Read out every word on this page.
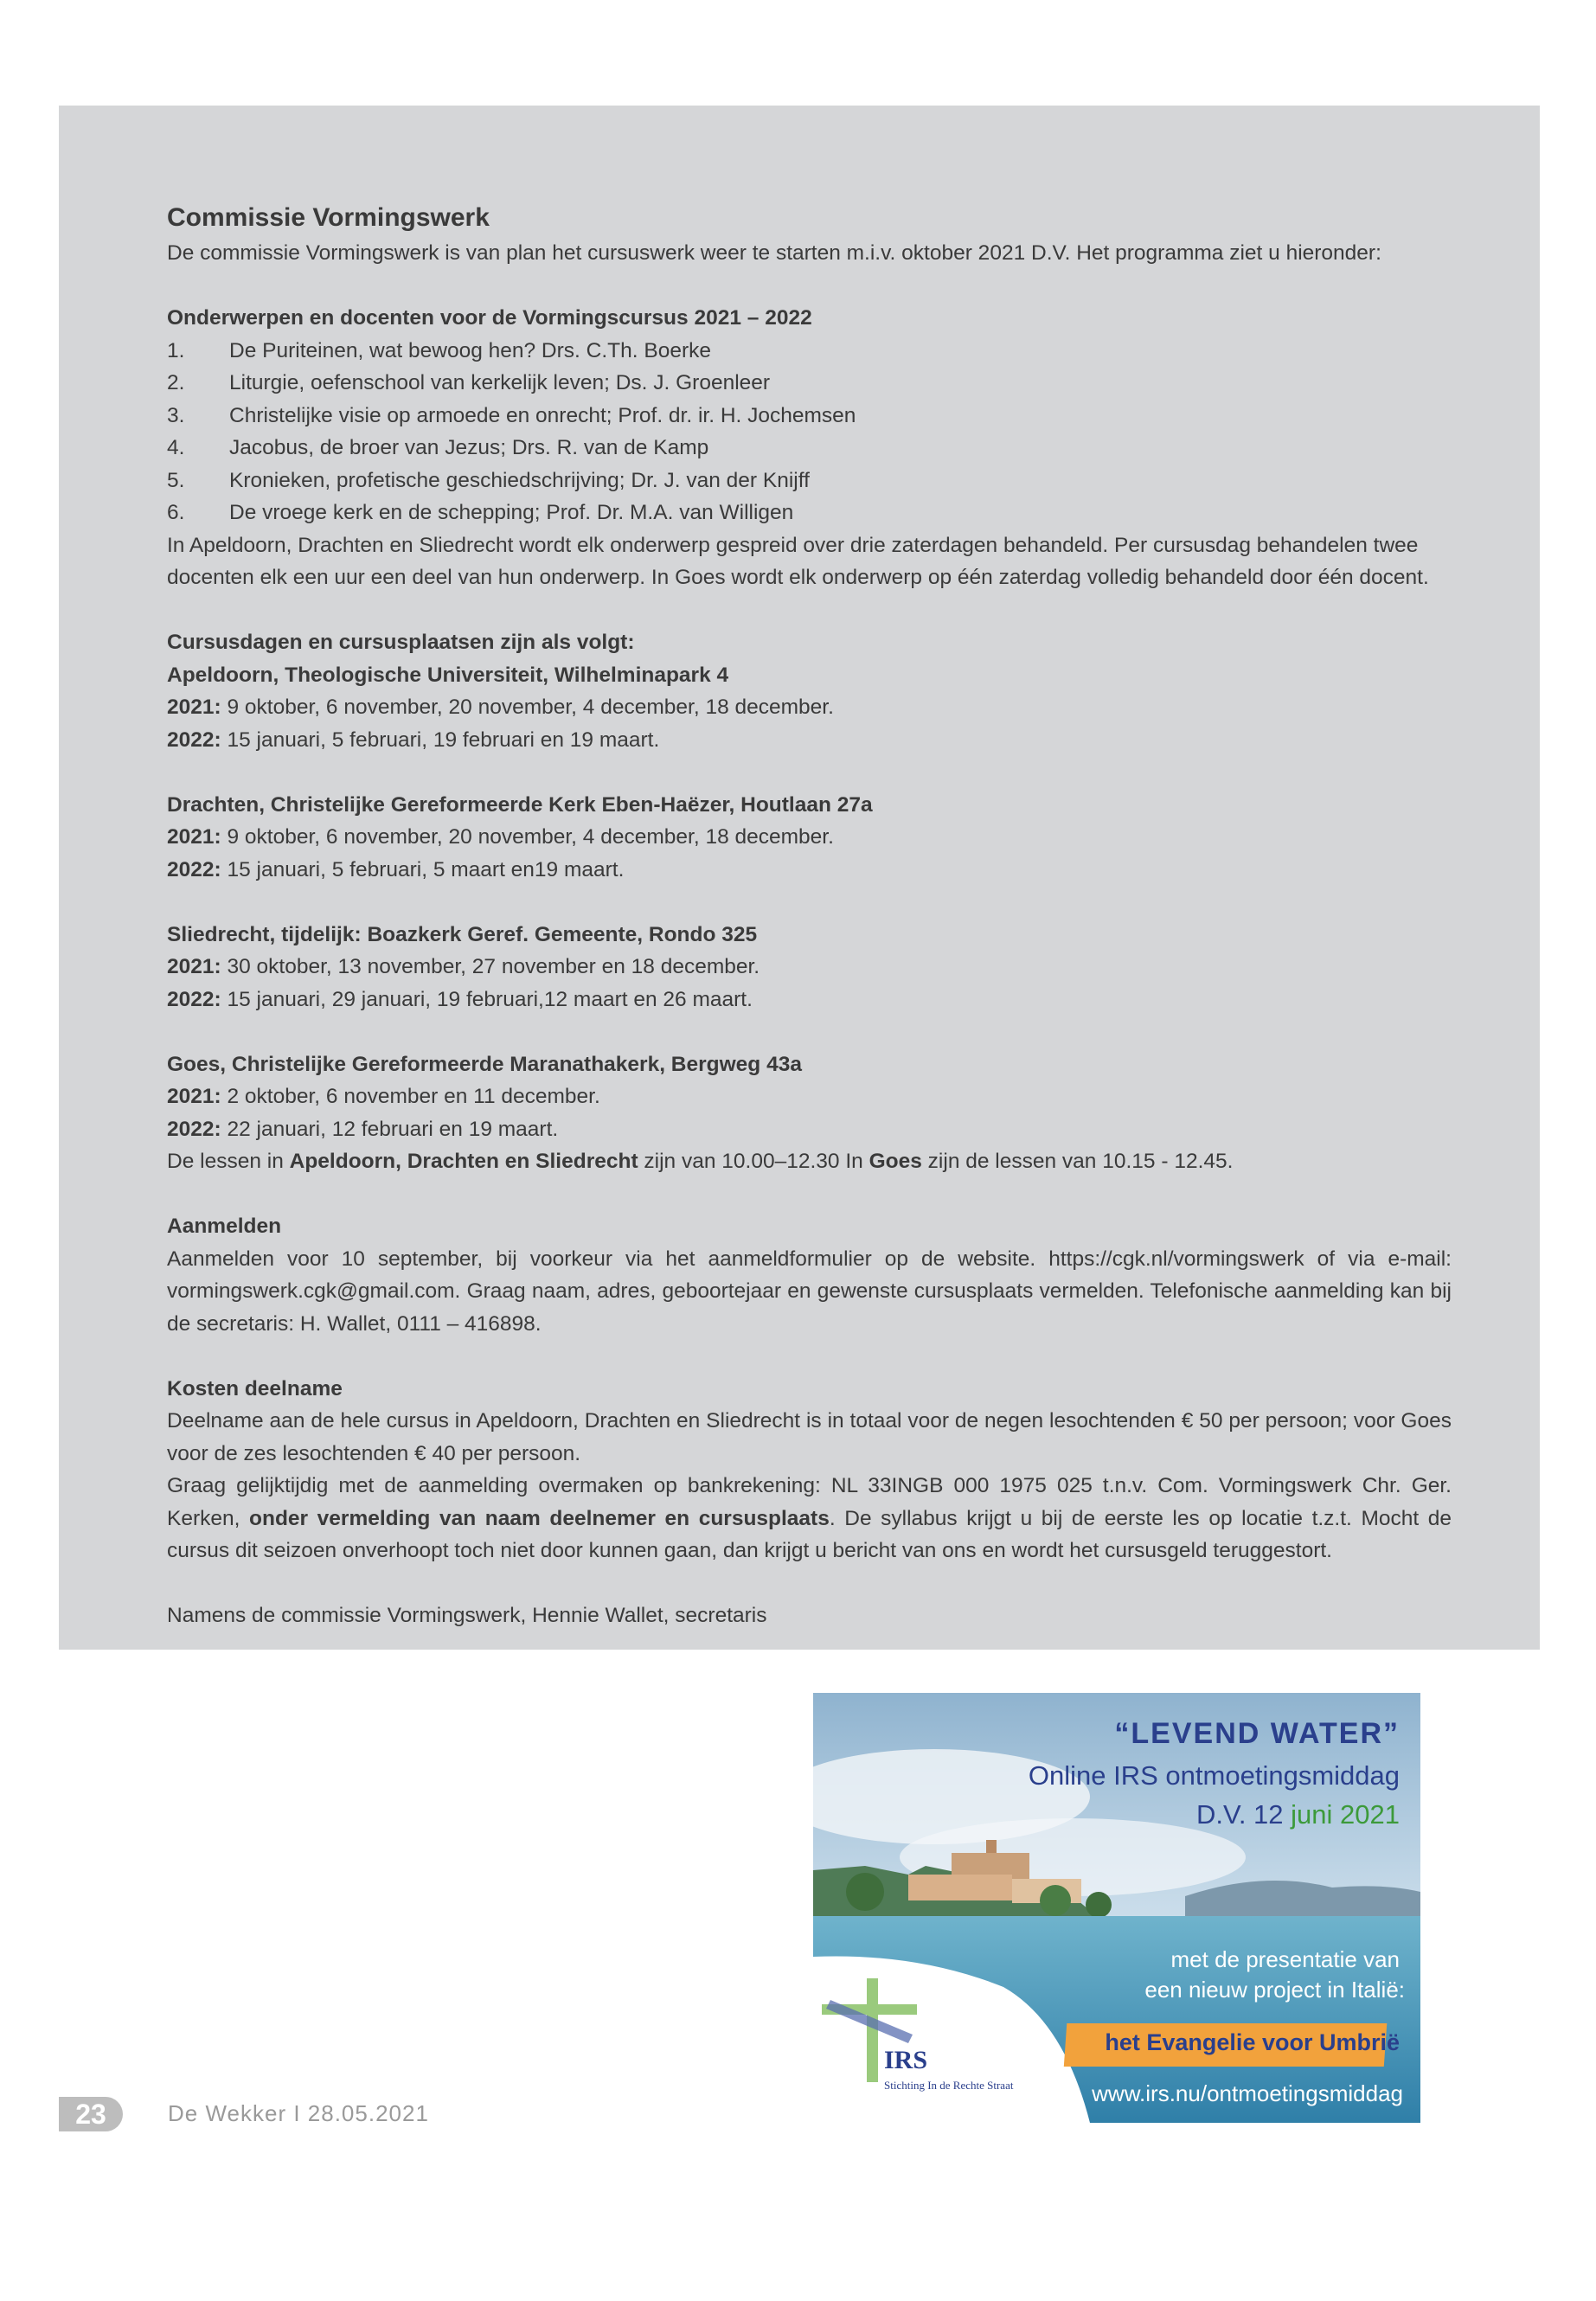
Commissie Vormingswerk

De commissie Vormingswerk is van plan het cursuswerk weer te starten m.i.v. oktober 2021 D.V. Het programma ziet u hieronder:

Onderwerpen en docenten voor de Vormingscursus 2021 – 2022

1. De Puriteinen, wat bewoog hen? Drs. C.Th. Boerke

2. Liturgie, oefenschool van kerkelijk leven; Ds. J. Groenleer

3. Christelijke visie op armoede en onrecht; Prof. dr. ir. H. Jochemsen

4. Jacobus, de broer van Jezus; Drs. R. van de Kamp

5. Kronieken, profetische geschiedschrijving; Dr. J. van der Knijff

6. De vroege kerk en de schepping; Prof. Dr. M.A. van Willigen

In Apeldoorn, Drachten en Sliedrecht wordt elk onderwerp gespreid over drie zaterdagen behandeld. Per cursusdag behandelen twee docenten elk een uur een deel van hun onderwerp. In Goes wordt elk onderwerp op één zaterdag volledig behandeld door één docent.

Cursusdagen en cursusplaatsen zijn als volgt:

Apeldoorn, Theologische Universiteit, Wilhelminapark 4

2021: 9 oktober, 6 november, 20 november, 4 december, 18 december.

2022: 15 januari, 5 februari, 19 februari en 19 maart.

Drachten, Christelijke Gereformeerde Kerk Eben-Haëzer, Houtlaan 27a

2021: 9 oktober, 6 november, 20 november, 4 december, 18 december.

2022: 15 januari, 5 februari, 5 maart en19 maart.

Sliedrecht, tijdelijk: Boazkerk Geref. Gemeente, Rondo 325

2021: 30 oktober, 13 november, 27 november en 18 december.

2022: 15 januari, 29 januari, 19 februari,12 maart en 26 maart.

Goes, Christelijke Gereformeerde Maranathakerk, Bergweg 43a

2021: 2 oktober, 6 november en 11 december.

2022: 22 januari, 12 februari en 19 maart.

De lessen in Apeldoorn, Drachten en Sliedrecht zijn van 10.00–12.30 In Goes zijn de lessen van 10.15 - 12.45.

Aanmelden

Aanmelden voor 10 september, bij voorkeur via het aanmeldformulier op de website. https://cgk.nl/vormingswerk of via e-mail: vormingswerk.cgk@gmail.com. Graag naam, adres, geboortejaar en gewenste cursusplaats vermelden. Telefonische aanmelding kan bij de secretaris: H. Wallet, 0111 – 416898.

Kosten deelname

Deelname aan de hele cursus in Apeldoorn, Drachten en Sliedrecht is in totaal voor de negen lesochtenden € 50 per persoon; voor Goes voor de zes lesochtenden € 40 per persoon.

Graag gelijktijdig met de aanmelding overmaken op bankrekening: NL 33INGB 000 1975 025 t.n.v. Com. Vormingswerk Chr. Ger. Kerken, onder vermelding van naam deelnemer en cursusplaats. De syllabus krijgt u bij de eerste les op locatie t.z.t. Mocht de cursus dit seizoen onverhoopt toch niet door kunnen gaan, dan krijgt u bericht van ons en wordt het cursusgeld teruggestort.

Namens de commissie Vormingswerk, Hennie Wallet, secretaris

“LEVEND WATER”
Online IRS ontmoetingsmiddag
D.V. 12 juni 2021
met de presentatie van
een nieuw project in Italië:
het Evangelie voor Umbrië
www.irs.nu/ontmoetingsmiddag
IRS
Stichting In de Rechte Straat
23	De Wekker I 28.05.2021
